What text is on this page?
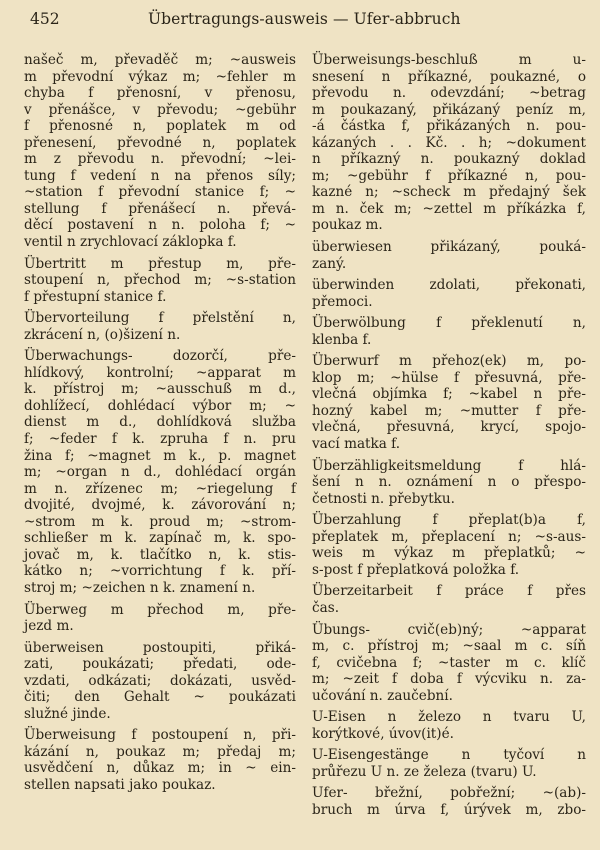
452	Übertragungs-ausweis — Ufer-abbruch
našeč m, převaděč m; ~ausweis
m převodní výkaz m; ~fehler m
chyba f přenosní, v přenosu,
v přenášce, v převodu; ~gebühr
f přenosné n, poplatek m od
přenesení, převodné n, poplatek
m z převodu n. převodní; ~lei-
tung f vedení n na přenos síly;
~station f převodní stanice f; ~
stellung f přenášecí n. převá-
děcí postavení n n. poloha f; ~
ventil n zrychlovací záklopka f.
Übertritt m přestup m, pře-
stoupení n, přechod m; ~s-station
f přestupní stanice f.
Übervorteilung f přelstění n,
zkrácení n, (o)šizení n.
Überwachungs- dozorčí, pře-
hlídkový, kontrolní; ~apparat m
k. přístroj m; ~ausschuß m d.,
dohlížecí, dohlédací výbor m; ~
dienst m d., dohlídková služba
f; ~feder f k. zpruha f n. pru
žina f; ~magnet m k., p. magnet
m; ~organ n d., dohlédací orgán
m n. zřízenec m; ~riegelung f
dvojité, dvojmé, k. závorování n;
~strom m k. proud m; ~strom-
schließer m k. zapínač m, k. spo-
jovač m, k. tlačítko n, k. stis-
kátko n; ~vorrichtung f k. pří-
stroj m; ~zeichen n k. znamení n.
Überweg m přechod m, pře-
jezd m.
überweisen postoupiti, přiká-
zati, poukázati; předati, ode-
vzdati, odkázati; dokázati, usvěd-
čiti; den Gehalt ~ poukázati
služné jinde.
Überweisung f postoupení n, při-
kázání n, poukaz m; předaj m;
usvědčení n, důkaz m; in ~ ein-
stellen napsati jako poukaz.
Überweisungs-beschluß m u-
snesení n příkazné, poukazné, o
převodu n. odevzdání; ~betrag
m poukazaný, přikázaný peníz m,
-á částka f, přikázaných n. pou-
kázaných . . Kč. . h; ~dokument
n příkazný n. poukazný doklad
m; ~gebühr f příkazné n, pou-
kazné n; ~scheck m předajný šek
m n. ček m; ~zettel m příkázka f,
poukaz m.
überwiesen přikázaný, pouká-
zaný.
überwinden zdolati, překonati,
přemoci.
Überwölbung f překlenutí n,
klenba f.
Überwurf m přehoz(ek) m, po-
klop m; ~hülse f přesuvná, pře-
vlečná objímka f; ~kabel n pře-
hozný kabel m; ~mutter f pře-
vlečná, přesuvná, krycí, spojo-
vací matka f.
Überzähligkeitsmeldung f hlá-
šení n n. oznámení n o přespo-
četnosti n. přebytku.
Überzahlung f přeplat(b)a f,
přeplatek m, přeplacení n; ~s-aus-
weis m výkaz m přeplatků; ~
s-post f přeplatková položka f.
Überzeitarbeit f práce f přes
čas.
Übungs- cvič(eb)ný; ~apparat
m, c. přístroj m; ~saal m c. síň
f, cvičebna f; ~taster m c. klíč
m; ~zeit f doba f výcviku n. za-
učování n. zaučební.
U-Eisen n železo n tvaru U,
korýtkové, úvov(it)é.
U-Eisengestänge n tyčoví n
průřezu U n. ze železa (tvaru) U.
Ufer- břežní, pobřežní; ~(ab)-
bruch m úrva f, úrývek m, zbo-
